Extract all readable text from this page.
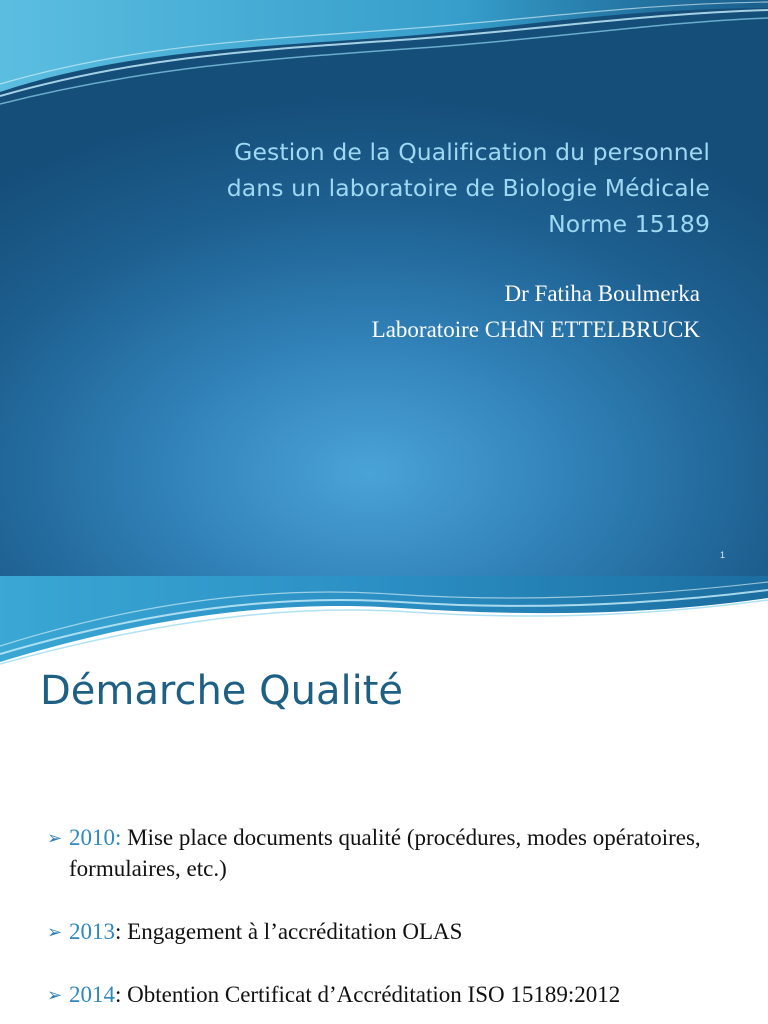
Gestion de la Qualification du personnel
dans un laboratoire de Biologie Médicale
Norme 15189
Dr Fatiha Boulmerka
Laboratoire CHdN ETTELBRUCK
1
Démarche Qualité
➢ 2010: Mise place documents qualité (procédures, modes opératoires, formulaires, etc.)
➢ 2013: Engagement à l’accréditation OLAS
➢ 2014: Obtention Certificat d’Accréditation ISO 15189:2012
